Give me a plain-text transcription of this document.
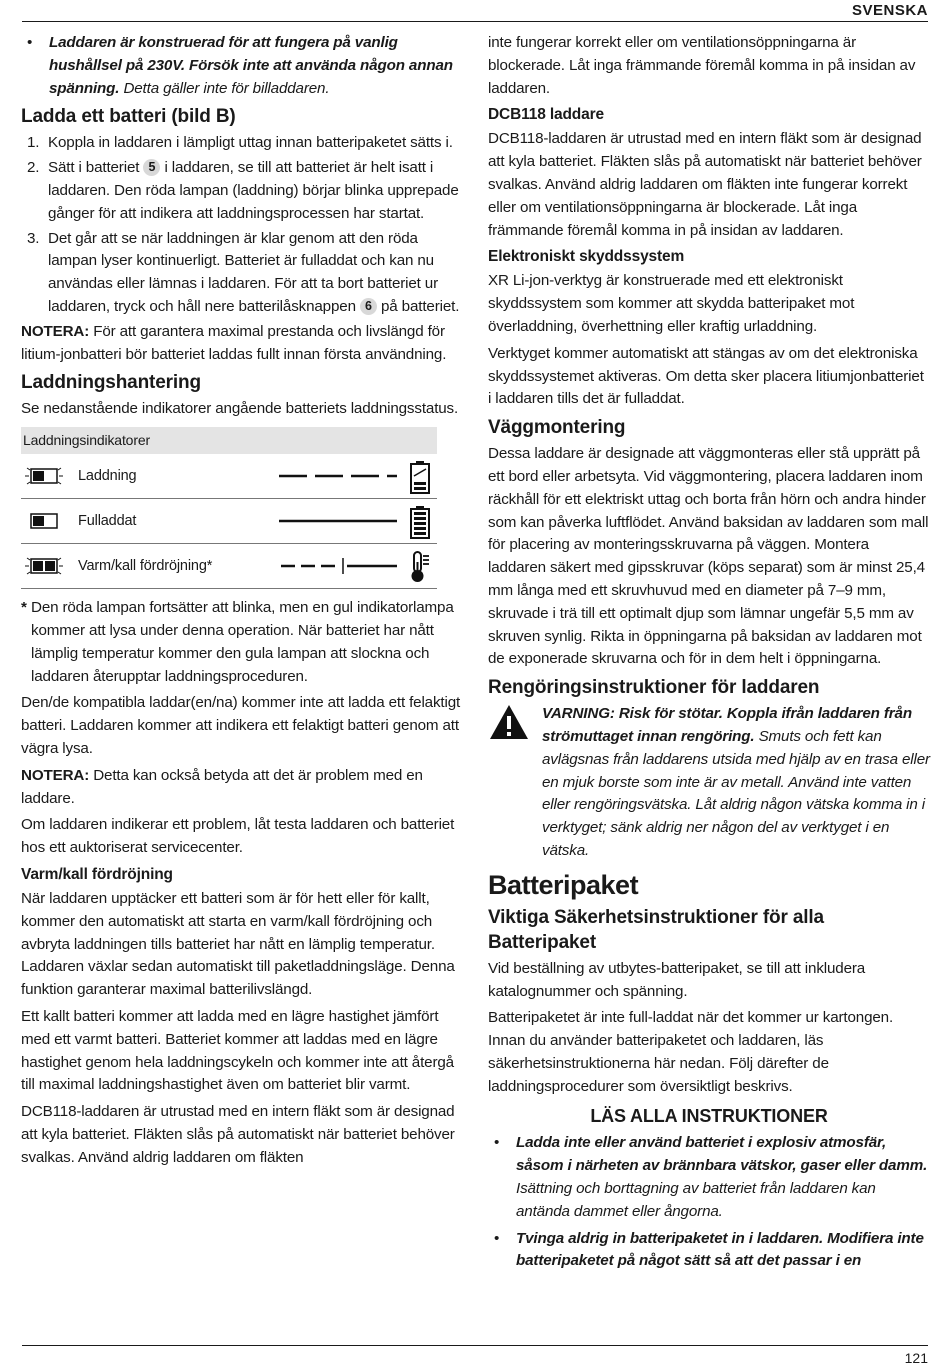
SVENSKA
• Laddaren är konstruerad för att fungera på vanlig hushållsel på 230V. Försök inte att använda någon annan spänning. Detta gäller inte för billaddaren.
Ladda ett batteri (bild B)
1. Koppla in laddaren i lämpligt uttag innan batteripaketet sätts i.
2. Sätt i batteriet 5 i laddaren, se till att batteriet är helt isatt i laddaren. Den röda lampan (laddning) börjar blinka upprepade gånger för att indikera att laddningsprocessen har startat.
3. Det går att se när laddningen är klar genom att den röda lampan lyser kontinuerligt. Batteriet är fulladdat och kan nu användas eller lämnas i laddaren. För att ta bort batteriet ur laddaren, tryck och håll nere batterilåsknappen 6 på batteriet.

NOTERA: För att garantera maximal prestanda och livslängd för litium-jonbatteri bör batteriet laddas fullt innan första användning.

Laddningshantering

Se nedanstående indikatorer angående batteriets laddningsstatus.

Laddningsindikatorer
Laddning
Fulladdat
Varm/kall fördröjning*
* Den röda lampan fortsätter att blinka, men en gul indikatorlampa kommer att lysa under denna operation. När batteriet har nått lämplig temperatur kommer den gula lampan att slockna och laddaren återupptar laddningsproceduren.

Den/de kompatibla laddar(en/na) kommer inte att ladda ett felaktigt batteri. Laddaren kommer att indikera ett felaktigt batteri genom att vägra lysa.

NOTERA: Detta kan också betyda att det är problem med en laddare.

Om laddaren indikerar ett problem, låt testa laddaren och batteriet hos ett auktoriserat servicecenter.

Varm/kall fördröjning

När laddaren upptäcker ett batteri som är för hett eller för kallt, kommer den automatiskt att starta en varm/kall fördröjning och avbryta laddningen tills batteriet har nått en lämplig temperatur. Laddaren växlar sedan automatiskt till paketladdningsläge. Denna funktion garanterar maximal batterilivslängd.

Ett kallt batteri kommer att ladda med en lägre hastighet jämfört med ett varmt batteri. Batteriet kommer att laddas med en lägre hastighet genom hela laddningscykeln och kommer inte att återgå till maximal laddningshastighet även om batteriet blir varmt.

DCB118-laddaren är utrustad med en intern fläkt som är designad att kyla batteriet. Fläkten slås på automatiskt när batteriet behöver svalkas. Använd aldrig laddaren om fläkten

inte fungerar korrekt eller om ventilationsöppningarna är blockerade. Låt inga främmande föremål komma in på insidan av laddaren.

DCB118 laddare

DCB118-laddaren är utrustad med en intern fläkt som är designad att kyla batteriet. Fläkten slås på automatiskt när batteriet behöver svalkas. Använd aldrig laddaren om fläkten inte fungerar korrekt eller om ventilationsöppningarna är blockerade. Låt inga främmande föremål komma in på insidan av laddaren.

Elektroniskt skyddssystem

XR Li-jon-verktyg är konstruerade med ett elektroniskt skyddssystem som kommer att skydda batteripaket mot överladdning, överhettning eller kraftig urladdning.

Verktyget kommer automatiskt att stängas av om det elektroniska skyddssystemet aktiveras. Om detta sker placera litiumjonbatteriet i laddaren tills det är fulladdat.

Väggmontering

Dessa laddare är designade att väggmonteras eller stå upprätt på ett bord eller arbetsyta. Vid väggmontering, placera laddaren inom räckhåll för ett elektriskt uttag och borta från hörn och andra hinder som kan påverka luftflödet. Använd baksidan av laddaren som mall för placering av monteringsskruvarna på väggen. Montera laddaren säkert med gipsskruvar (köps separat) som är minst 25,4 mm långa med ett skruvhuvud med en diameter på 7–9 mm, skruvade i trä till ett optimalt djup som lämnar ungefär 5,5 mm av skruven synlig. Rikta in öppningarna på baksidan av laddaren mot de exponerade skruvarna och för in dem helt i öppningarna.

Rengöringsinstruktioner för laddaren
VARNING: Risk för stötar. Koppla ifrån laddaren från strömuttaget innan rengöring. Smuts och fett kan avlägsnas från laddarens utsida med hjälp av en trasa eller en mjuk borste som inte är av metall. Använd inte vatten eller rengöringsvätska. Låt aldrig någon vätska komma in i verktyget; sänk aldrig ner någon del av verktyget i en vätska.
Batteripaket
Viktiga Säkerhetsinstruktioner för alla Batteripaket

Vid beställning av utbytes-batteripaket, se till att inkludera katalognummer och spänning.

Batteripaketet är inte full-laddat när det kommer ur kartongen. Innan du använder batteripaketet och laddaren, läs säkerhetsinstruktionerna här nedan. Följ därefter de laddningsprocedurer som översiktligt beskrivs.

LÄS ALLA INSTRUKTIONER
• Ladda inte eller använd batteriet i explosiv atmosfär, såsom i närheten av brännbara vätskor, gaser eller damm. Isättning och borttagning av batteriet från laddaren kan antända dammet eller ångorna.
• Tvinga aldrig in batteripaketet in i laddaren. Modifiera inte batteripaketet på något sätt så att det passar i en
121
